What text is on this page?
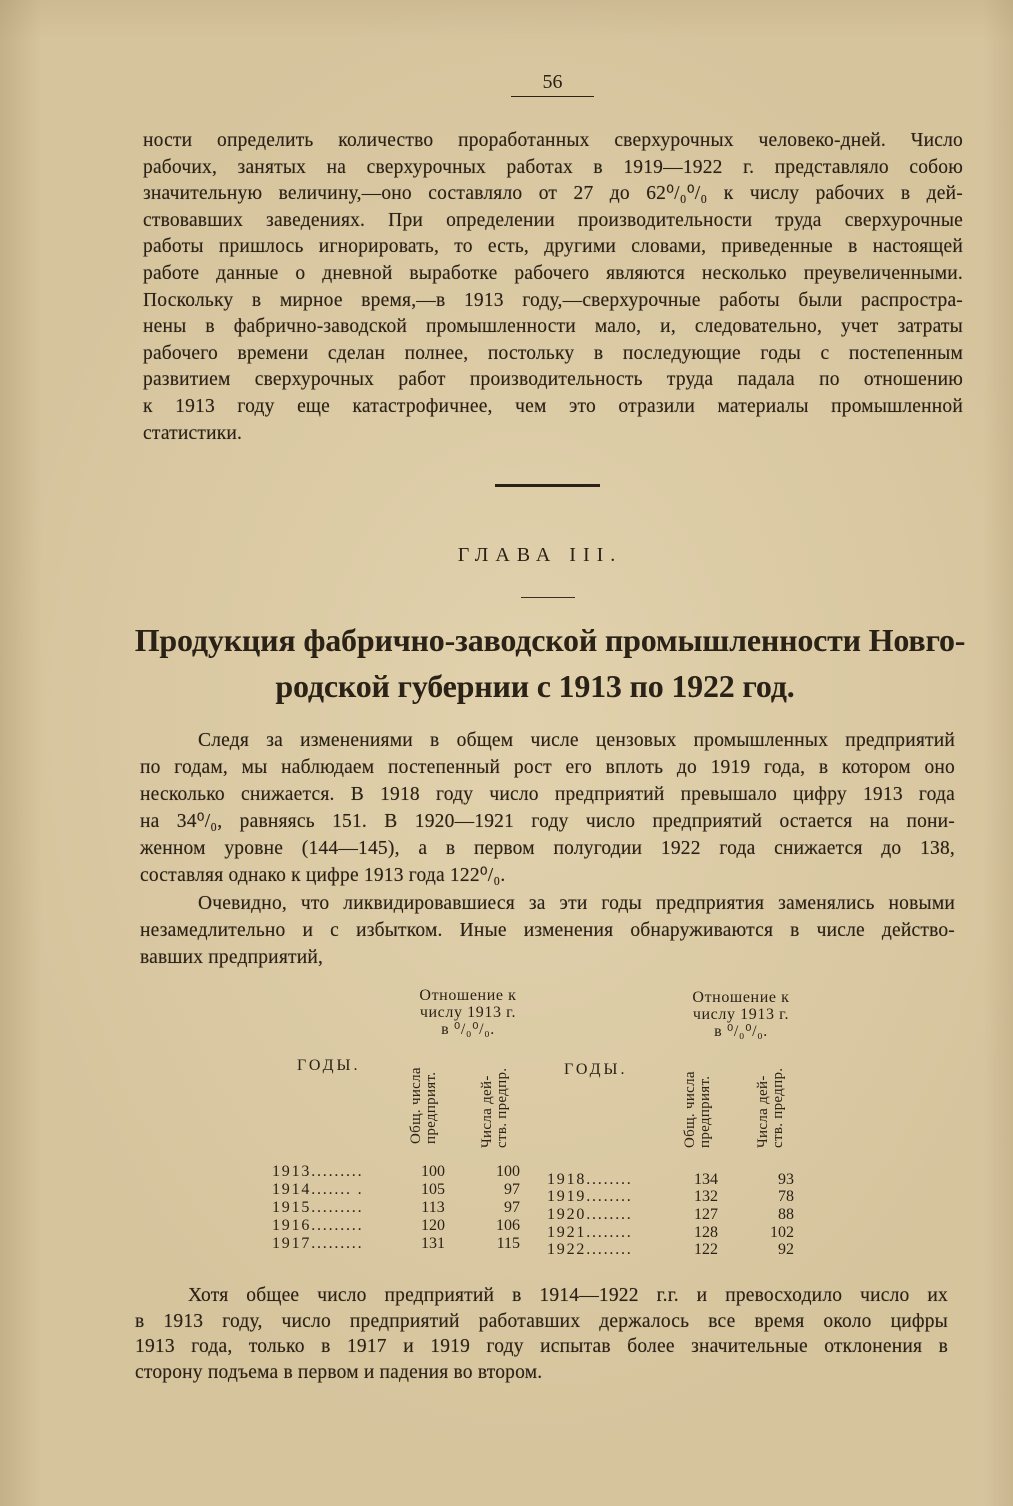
56
ности определить количество проработанных сверхурочных человеко-дней. Число
рабочих, занятых на сверхурочных работах в 1919—1922 г. представляло собою
значительную величину,—оно составляло от 27 до 62⁰/₀⁰/₀ к числу рабочих в дей-
ствовавших заведениях. При определении производительности труда сверхурочные
работы пришлось игнорировать, то есть, другими словами, приведенные в настоящей
работе данные о дневной выработке рабочего являются несколько преувеличенными.
Поскольку в мирное время,—в 1913 году,—сверхурочные работы были распростра-
нены в фабрично-заводской промышленности мало, и, следовательно, учет затраты
рабочего времени сделан полнее, постольку в последующие годы с постепенным
развитием сверхурочных работ производительность труда падала по отношению
к 1913 году еще катастрофичнее, чем это отразили материалы промышленной
статистики.
ГЛАВА III.
Продукция фабрично-заводской промышленности Новго-
родской губернии с 1913 по 1922 год.
Следя за изменениями в общем числе цензовых промышленных предприятий
по годам, мы наблюдаем постепенный рост его вплоть до 1919 года, в котором оно
несколько снижается. В 1918 году число предприятий превышало цифру 1913 года
на 34⁰/₀, равняясь 151. В 1920—1921 году число предприятий остается на пони-
женном уровне (144—145), а в первом полугодии 1922 года снижается до 138,
составляя однако к цифре 1913 года 122⁰/₀.
Очевидно, что ликвидировавшиеся за эти годы предприятия заменялись новыми
незамедлительно и с избытком. Иные изменения обнаруживаются в числе действо-
вавших предприятий,
Отношение к
числу 1913 г.
в ⁰/₀⁰/₀.
ГОДЫ.
Общ. числа предприят.	Числа дей- ств. предпр.
1913.........	100	100
1914....... .	105	97
1915.........	113	97
1916.........	120	106
1917.........	131	115
Отношение к
числу 1913 г.
в ⁰/₀⁰/₀.
ГОДЫ.
Общ. числа предприят.	Числа дей- ств. предпр.
1918........	134	93
1919........	132	78
1920........	127	88
1921........	128	102
1922........	122	92
Хотя общее число предприятий в 1914—1922 г.г. и превосходило число их
в 1913 году, число предприятий работавших держалось все время около цифры
1913 года, только в 1917 и 1919 году испытав более значительные отклонения в
сторону подъема в первом и падения во втором.
